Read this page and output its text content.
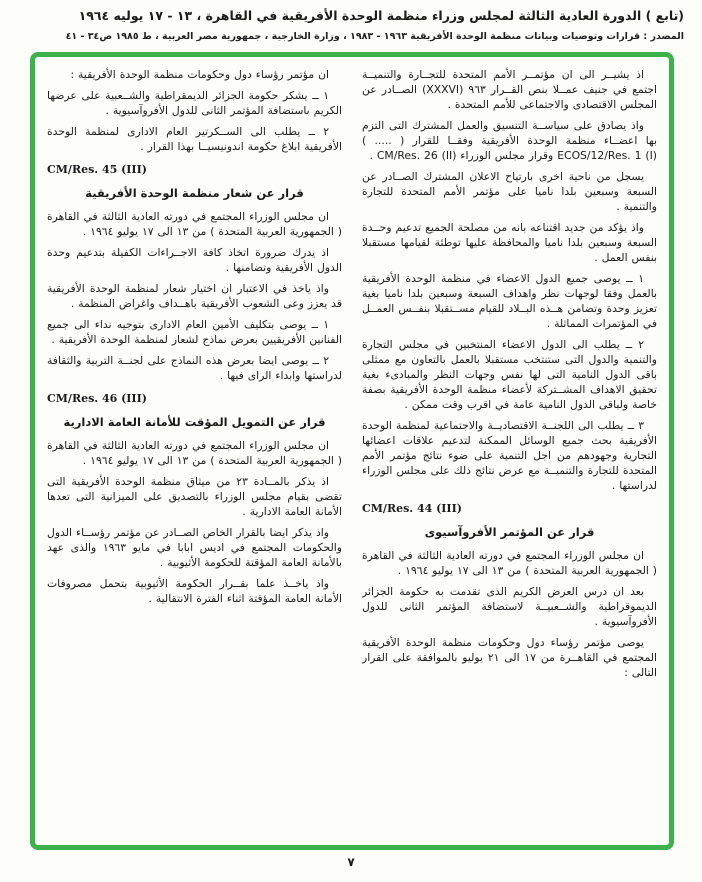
(تابع ) الدورة العادية الثالثة لمجلس وزراء منظمة الوحدة الأفريقية في القاهرة ، ١٣ - ١٧ يوليه ١٩٦٤
المصدر : قرارات وتوصيات وبيانات منظمة الوحدة الأفريقية ١٩٦٣ - ١٩٨٣ ، وزارة الخارجية ، جمهورية مصر العربية ، ط ١٩٨٥ ص٣٤ - ٤١
اذ يشيــر الى ان مؤتمــر الأمم المتحدة للتجــارة والتنميــة اجتمع في جنيف عمــلا بنص القــرار ٩٦٣ (XXXVI) الصــادر عن المجلس الاقتصادى والاجتماعى للأمم المتحدة .
واذ يصادق على سياســة التنسيق والعمل المشترك التى التزم بها اعضــاء منظمة الوحدة الأفريقية وفقــا للقرار ( ..... ) ECOS/12/Res. 1 (I) وقرار مجلس الوزراء CM/Res. 26 (II) .
يسجل من ناحية اخرى بارتياح الاعلان المشترك الصــادر عن السبعة وسبعين بلدا ناميا على مؤتمر الأمم المتحدة للتجارة والتنمية .
واذ يؤكد من جديد اقتناعه بانه من مصلحة الجميع تدعيم وحــدة السبعة وسبعين بلدا ناميا والمحافظة عليها توطئة لقيامها مستقبلا بنفس العمل .
١ ــ يوصى جميع الدول الاعضاء في منظمة الوحدة الأفريقية بالعمل وفقا لوجهات نظر واهداف السبعة وسبعين بلدا ناميا بغية تعزيز وحدة وتضامن هــذه البــلاد للقيام مســتقبلا بنفــس العمــل في المؤتمرات المماثلة .
٢ ــ يطلب الى الدول الاعضاء المنتخبين في مجلس التجارة والتنمية والدول التى ستنتخب مستقبلا بالعمل بالتعاون مع ممثلى باقى الدول النامية التى لها نفس وجهات النظر والمبادىء بغية تحقيق الاهداف المشــتركة لأعضاء منظمة الوحدة الأفريقية بصفة خاصة ولباقى الدول النامية عامة في اقرب وقت ممكن .
٣ ــ يطلب الى اللجنــة الاقتصاديــة والاجتماعية لمنظمة الوحدة الأفريقية بحث جميع الوسائل الممكنة لتدعيم علاقات اعضائها التجارية وجهودهم من اجل التنمية على ضوء نتائج مؤتمر الأمم المتحدة للتجارة والتنميــة مع عرض نتائج ذلك على مجلس الوزراء لدراستها .
CM/Res. 44 (III)
قرار عن المؤتمر الأفروآسيوى
ان مجلس الوزراء المجتمع في دورته العادية الثالثة في القاهرة ( الجمهورية العربية المتحدة ) من ١٣ الى ١٧ يوليو ١٩٦٤ .
بعد ان درس العرض الكريم الذى تقدمت به حكومة الجزائر الديموقراطية والشــعبيــة لاستضافة المؤتمر الثانى للدول الأفروآسيوية .
يوصى مؤتمر رؤساء دول وحكومات منظمة الوحدة الأفريقية المجتمع في القاهــرة من ١٧ الى ٢١ يوليو بالموافقة على القرار التالى :
ان مؤتمر رؤساء دول وحكومات منظمة الوحدة الأفريقية :
١ ــ يشكر حكومة الجزائر الديمقراطية والشــعبية على عرضها الكريم باستضافة المؤتمر الثانى للدول الأفروآسيوية .
٢ ــ يطلب الى الســكرتير العام الادارى لمنظمة الوحدة الأفريقية ابلاغ حكومة اندونيسيــا بهذا القرار .
CM/Res. 45 (III)
قرار عن شعار منظمة الوحدة الأفريقية
ان مجلس الوزراء المجتمع في دورته العادية الثالثة في القاهرة ( الجمهورية العربية المتحدة ) من ١٣ الى ١٧ يوليو ١٩٦٤ .
اذ يدرك ضرورة اتخاذ كافة الاجــراءات الكفيلة بتدعيم وحدة الدول الأفريقية وتضامنها .
واذ ياخذ في الاعتبار ان اختيار شعار لمنظمة الوحدة الأفريقية قد يعزز وعى الشعوب الأفريقية باهــداف واغراض المنظمة .
١ ــ يوصى بتكليف الأمين العام الادارى بتوجيه نداء الى جميع الفنانين الأفريقيين بعرض نماذج لشعار لمنظمة الوحدة الأفريقية .
٢ ــ يوصى ايضا بعرض هذه النماذج على لجنــة التربية والثقافة لدراستها وابداء الراى فيها .
CM/Res. 46 (III)
قرار عن التمويل المؤقت للأمانة العامة الادارية
ان مجلس الوزراء المجتمع في دورته العادية الثالثة في القاهرة ( الجمهورية العربية المتحدة ) من ١٣ الى ١٧ يوليو ١٩٦٤ .
اذ يذكر بالمــادة ٢٣ من ميثاق منظمة الوحدة الأفريقية التى تقضى بقيام مجلس الوزراء بالتصديق على الميزانية التى تعدها الأمانة العامة الادارية .
واذ يذكر ايضا بالقرار الخاص الصــادر عن مؤتمر رؤســاء الدول والحكومات المجتمع في اديس ابابا في مايو ١٩٦٣ والذى عهد بالأمانة العامة المؤقتة للحكومة الأثيوبية .
واذ ياخــذ علما بقــرار الحكومة الأثيوبية بتحمل مصروفات الأمانة العامة المؤقتة اثناء الفترة الانتقالية .
٧
